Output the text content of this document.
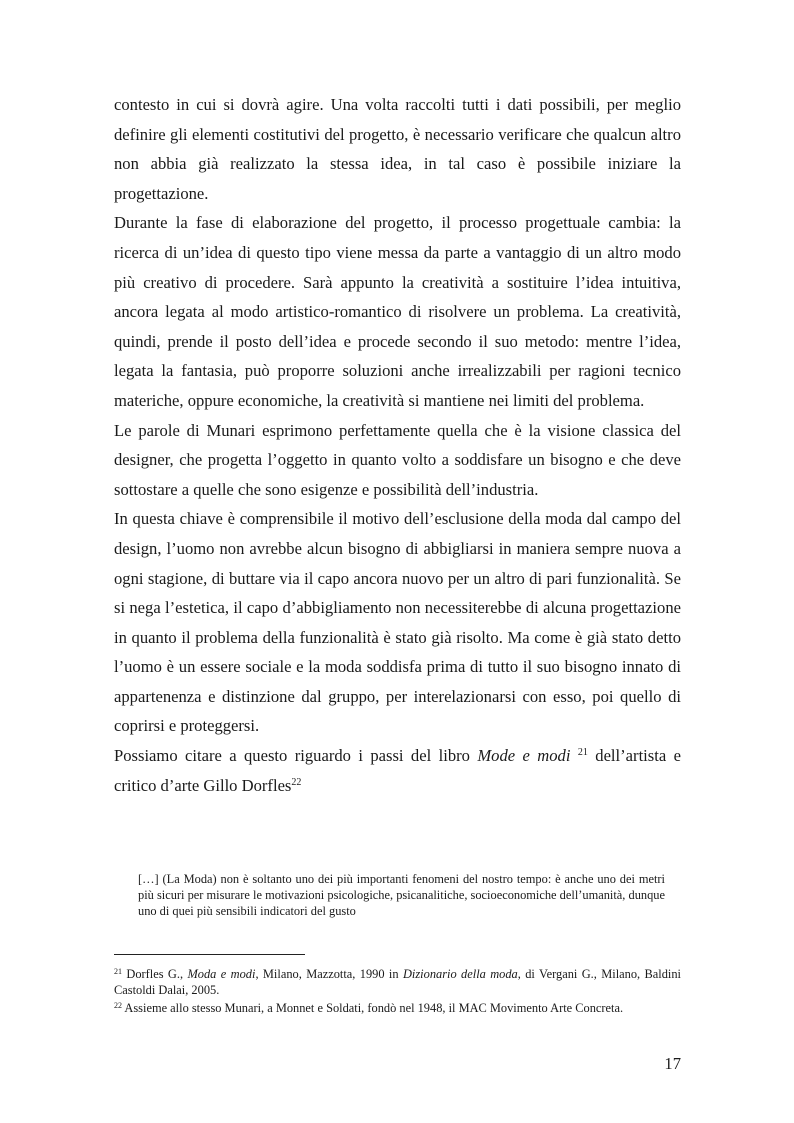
contesto in cui si dovrà agire. Una volta raccolti tutti i dati possibili, per meglio definire gli elementi costitutivi del progetto, è necessario verificare che qualcun altro non abbia già realizzato la stessa idea, in tal caso è possibile iniziare la progettazione.

Durante la fase di elaborazione del progetto, il processo progettuale cambia: la ricerca di un’idea di questo tipo viene messa da parte a vantaggio di un altro modo più creativo di procedere. Sarà appunto la creatività a sostituire l’idea intuitiva, ancora legata al modo artistico-romantico di risolvere un problema. La creatività, quindi, prende il posto dell’idea e procede secondo il suo metodo: mentre l’idea, legata la fantasia, può proporre soluzioni anche irrealizzabili per ragioni tecnico materiche, oppure economiche, la creatività si mantiene nei limiti del problema.

Le parole di Munari esprimono perfettamente quella che è la visione classica del designer, che progetta l’oggetto in quanto volto a soddisfare un bisogno e che deve sottostare a quelle che sono esigenze e possibilità dell’industria.

In questa chiave è comprensibile il motivo dell’esclusione della moda dal campo del design, l’uomo non avrebbe alcun bisogno di abbigliarsi in maniera sempre nuova a ogni stagione, di buttare via il capo ancora nuovo per un altro di pari funzionalità. Se si nega l’estetica, il capo d’abbigliamento non necessiterebbe di alcuna progettazione in quanto il problema della funzionalità è stato già risolto. Ma come è già stato detto l’uomo è un essere sociale e la moda soddisfa prima di tutto il suo bisogno innato di appartenenza e distinzione dal gruppo, per interelazionarsi con esso, poi quello di coprirsi e proteggersi.

Possiamo citare a questo riguardo i passi del libro Mode e modi $^{21}$ dell’artista e critico d’arte Gillo Dorfles$^{22}$

[…] (La Moda) non è soltanto uno dei più importanti fenomeni del nostro tempo: è anche uno dei metri più sicuri per misurare le motivazioni psicologiche, psicanalitiche, socioeconomiche dell’umanità, dunque uno di quei più sensibili indicatori del gusto

$^{21}$ Dorfles G., Moda e modi, Milano, Mazzotta, 1990 in Dizionario della moda, di Vergani G., Milano, Baldini Castoldi Dalai, 2005.

$^{22}$ Assieme allo stesso Munari, a Monnet e Soldati, fondò nel 1948, il MAC Movimento Arte Concreta.

17
